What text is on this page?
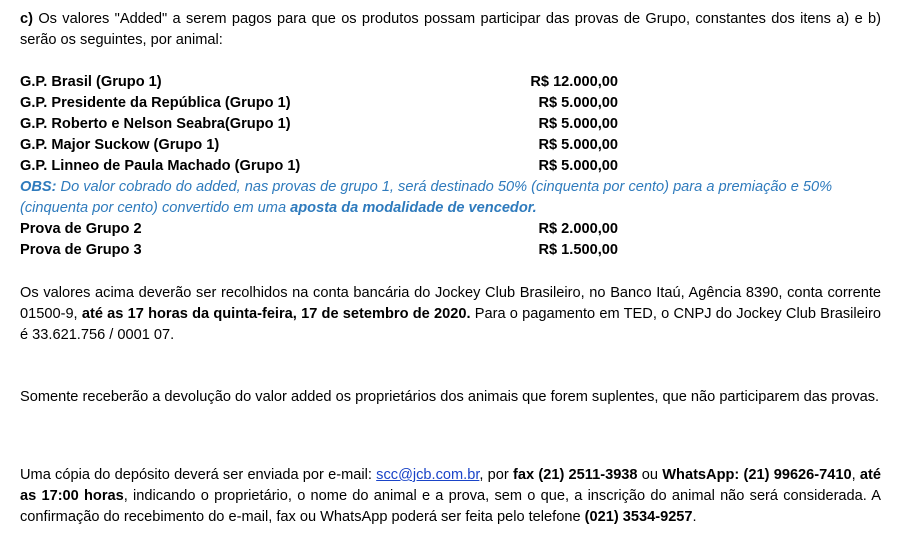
c) Os valores "Added" a serem pagos para que os produtos possam participar das provas de Grupo, constantes dos itens a) e b) serão os seguintes, por animal:

G.P. Brasil (Grupo 1)	R$ 12.000,00
G.P. Presidente da República (Grupo 1)	R$ 5.000,00
G.P. Roberto e Nelson Seabra(Grupo 1)	R$ 5.000,00
G.P. Major Suckow (Grupo 1)	R$ 5.000,00
G.P. Linneo de Paula Machado (Grupo 1)	R$ 5.000,00

OBS: Do valor cobrado do added, nas provas de grupo 1, será destinado 50% (cinquenta por cento) para a premiação e 50% (cinquenta por cento) convertido em uma aposta da modalidade de vencedor.

Prova de Grupo 2	R$ 2.000,00
Prova de Grupo 3	R$ 1.500,00

Os valores acima deverão ser recolhidos na conta bancária do Jockey Club Brasileiro, no Banco Itaú, Agência 8390, conta corrente 01500-9, até as 17 horas da quinta-feira, 17 de setembro de 2020. Para o pagamento em TED, o CNPJ do Jockey Club Brasileiro é 33.621.756 / 0001 07.

Somente receberão a devolução do valor added os proprietários dos animais que forem suplentes, que não participarem das provas.

Uma cópia do depósito deverá ser enviada por e-mail: scc@jcb.com.br, por fax (21) 2511-3938 ou WhatsApp: (21) 99626-7410, até as 17:00 horas, indicando o proprietário, o nome do animal e a prova, sem o que, a inscrição do animal não será considerada. A confirmação do recebimento do e-mail, fax ou WhatsApp poderá ser feita pelo telefone (021) 3534-9257.
